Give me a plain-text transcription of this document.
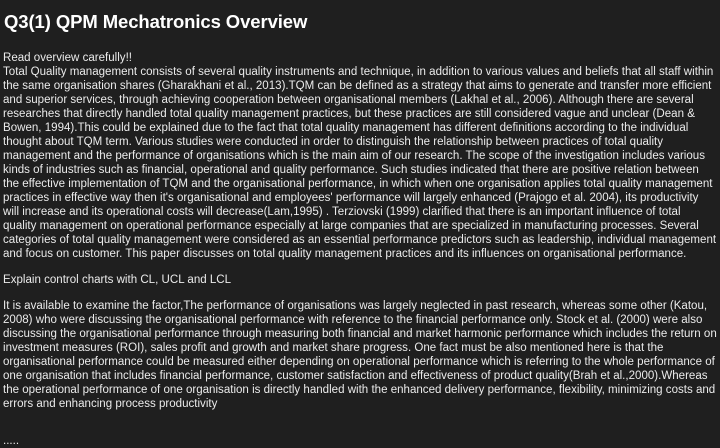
Q3(1) QPM Mechatronics Overview

Read overview carefully!!

Total Quality management consists of several quality instruments and technique, in addition to various values and beliefs that all staff within the same organisation shares (Gharakhani et al., 2013).TQM can be defined as a strategy that aims to generate and transfer more efficient and superior services, through achieving cooperation between organisational members (Lakhal et al., 2006). Although there are several researches that directly handled total quality management practices, but these practices are still considered vague and unclear (Dean & Bowen, 1994).This could be explained due to the fact that total quality management has different definitions according to the individual thought about TQM term. Various studies were conducted in order to distinguish the relationship between practices of total quality management and the performance of organisations which is the main aim of our research. The scope of the investigation includes various kinds of industries such as financial, operational and quality performance. Such studies indicated that there are positive relation between the effective implementation of TQM and the organisational performance, in which when one organisation applies total quality management practices in effective way then it's organisational and employees' performance will largely enhanced (Prajogo et al. 2004), its productivity will increase and its operational costs will decrease(Lam,1995) . Terziovski (1999) clarified that there is an important influence of total quality management on operational performance especially at large companies that are specialized in manufacturing processes. Several categories of total quality management were considered as an essential performance predictors such as leadership, individual management and focus on customer. This paper discusses on total quality management practices and its influences on organisational performance.

Explain control charts with CL, UCL and LCL

It is available to examine the factor,The performance of organisations was largely neglected in past research, whereas some other (Katou, 2008) who were discussing the organisational performance with reference to the financial performance only. Stock et al. (2000) were also discussing the organisational performance through measuring both financial and market harmonic performance which includes the return on investment measures (ROI), sales profit and growth and market share progress. One fact must be also mentioned here is that the organisational performance could be measured either depending on operational performance which is referring to the whole performance of one organisation that includes financial performance, customer satisfaction and effectiveness of product quality(Brah et al.,2000).Whereas the operational performance of one organisation is directly handled with the enhanced delivery performance, flexibility, minimizing costs and errors and enhancing process productivity

.....
